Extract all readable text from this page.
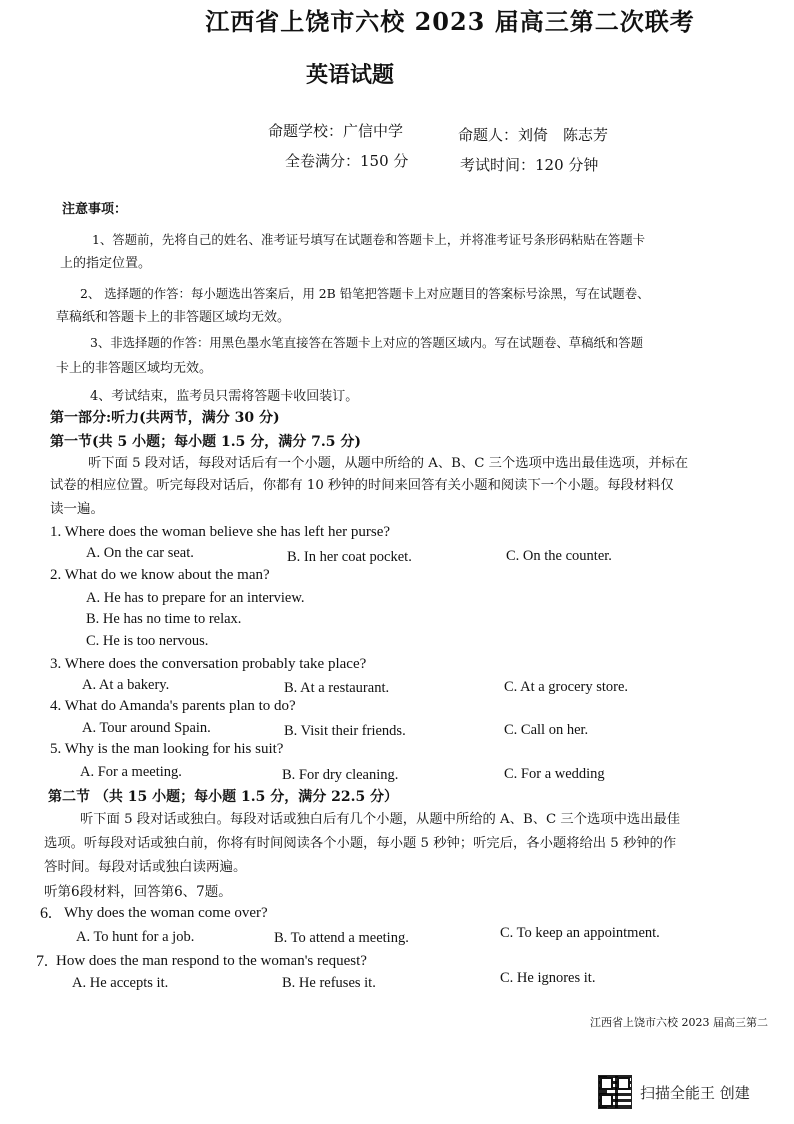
江西省上饶市六校 2023 届高三第二次联考
英语试题
命题学校：广信中学	命题人：刘倚　陈志芳
全卷满分：150 分	考试时间：120 分钟
注意事项：
1、答题前，先将自己的姓名、准考证号填写在试题卷和答题卡上，并将准考证号条形码粘贴在答题卡
上的指定位置。
2、 选择题的作答：每小题选出答案后，用 2B 铅笔把答题卡上对应题目的答案标号涂黑，写在试题卷、
草稿纸和答题卡上的非答题区域均无效。
3、非选择题的作答：用黑色墨水笔直接答在答题卡上对应的答题区域内。写在试题卷、草稿纸和答题
卡上的非答题区域均无效。
4、考试结束，监考员只需将答题卡收回装订。
第一部分:听力(共两节，满分 30 分)
第一节(共 5 小题；每小题 1.5 分，满分 7.5 分)
听下面 5 段对话，每段对话后有一个小题，从题中所给的 A、B、C 三个选项中选出最佳选项，并标在
试卷的相应位置。听完每段对话后，你都有 10 秒钟的时间来回答有关小题和阅读下一个小题。每段材料仅
读一遍。
1. Where does the woman believe she has left her purse?
A. On the car seat.	B. In her coat pocket.	C. On the counter.
2. What do we know about the man?
A. He has to prepare for an interview.
B. He has no time to relax.
C. He is too nervous.
3. Where does the conversation probably take place?
A. At a bakery.	B. At a restaurant.	C. At a grocery store.
4. What do Amanda's parents plan to do?
A. Tour around Spain.	B. Visit their friends.	C. Call on her.
5. Why is the man looking for his suit?
A. For a meeting.	B. For dry cleaning.	C. For a wedding
第二节 （共 15 小题；每小题 1.5 分，满分 22.5 分）
听下面 5 段对话或独白。每段对话或独白后有几个小题，从题中所给的 A、B、C 三个选项中选出最佳
选项。听每段对话或独白前，你将有时间阅读各个小题，每小题 5 秒钟；听完后，各小题将给出 5 秒钟的作
答时间。每段对话或独白读两遍。
听第6段材料，回答第6、7题。
6. Why does the woman come over?
A. To hunt for a job.	B. To attend a meeting.	C. To keep an appointment.
7. How does the man respond to the woman's request?
A. He accepts it.	B. He refuses it.	C. He ignores it.
江西省上饶市六校 2023 届高三第二
扫描全能王 创建
